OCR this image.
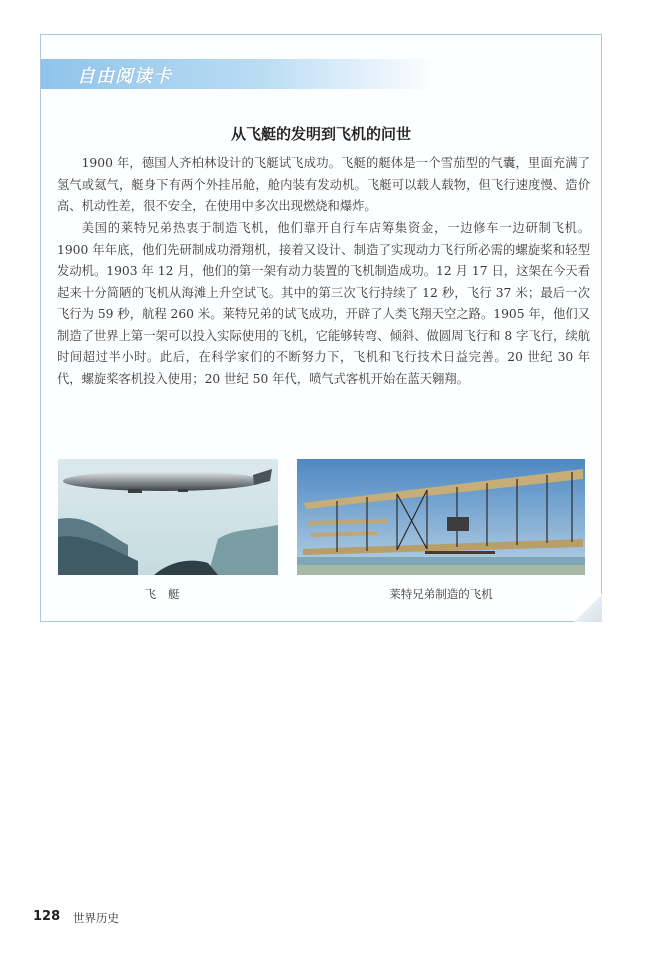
自由阅读卡
从飞艇的发明到飞机的问世

1900 年，德国人齐柏林设计的飞艇试飞成功。飞艇的艇体是一个雪茄型的气囊，里面充满了氢气或氦气，艇身下有两个外挂吊舱，舱内装有发动机。飞艇可以载人载物，但飞行速度慢、造价高、机动性差，很不安全，在使用中多次出现燃烧和爆炸。

美国的莱特兄弟热衷于制造飞机，他们靠开自行车店筹集资金，一边修车一边研制飞机。1900 年年底，他们先研制成功滑翔机，接着又设计、制造了实现动力飞行所必需的螺旋桨和轻型发动机。1903 年 12 月，他们的第一架有动力装置的飞机制造成功。12 月 17 日，这架在今天看起来十分简陋的飞机从海滩上升空试飞。其中的第三次飞行持续了 12 秒，飞行 37 米；最后一次飞行为 59 秒，航程 260 米。莱特兄弟的试飞成功，开辟了人类飞翔天空之路。1905 年，他们又制造了世界上第一架可以投入实际使用的飞机，它能够转弯、倾斜、做圆周飞行和 8 字飞行，续航时间超过半小时。此后，在科学家们的不断努力下，飞机和飞行技术日益完善。20 世纪 30 年代，螺旋桨客机投入使用；20 世纪 50 年代，喷气式客机开始在蓝天翱翔。

飞艇	莱特兄弟制造的飞机
128 世界历史
